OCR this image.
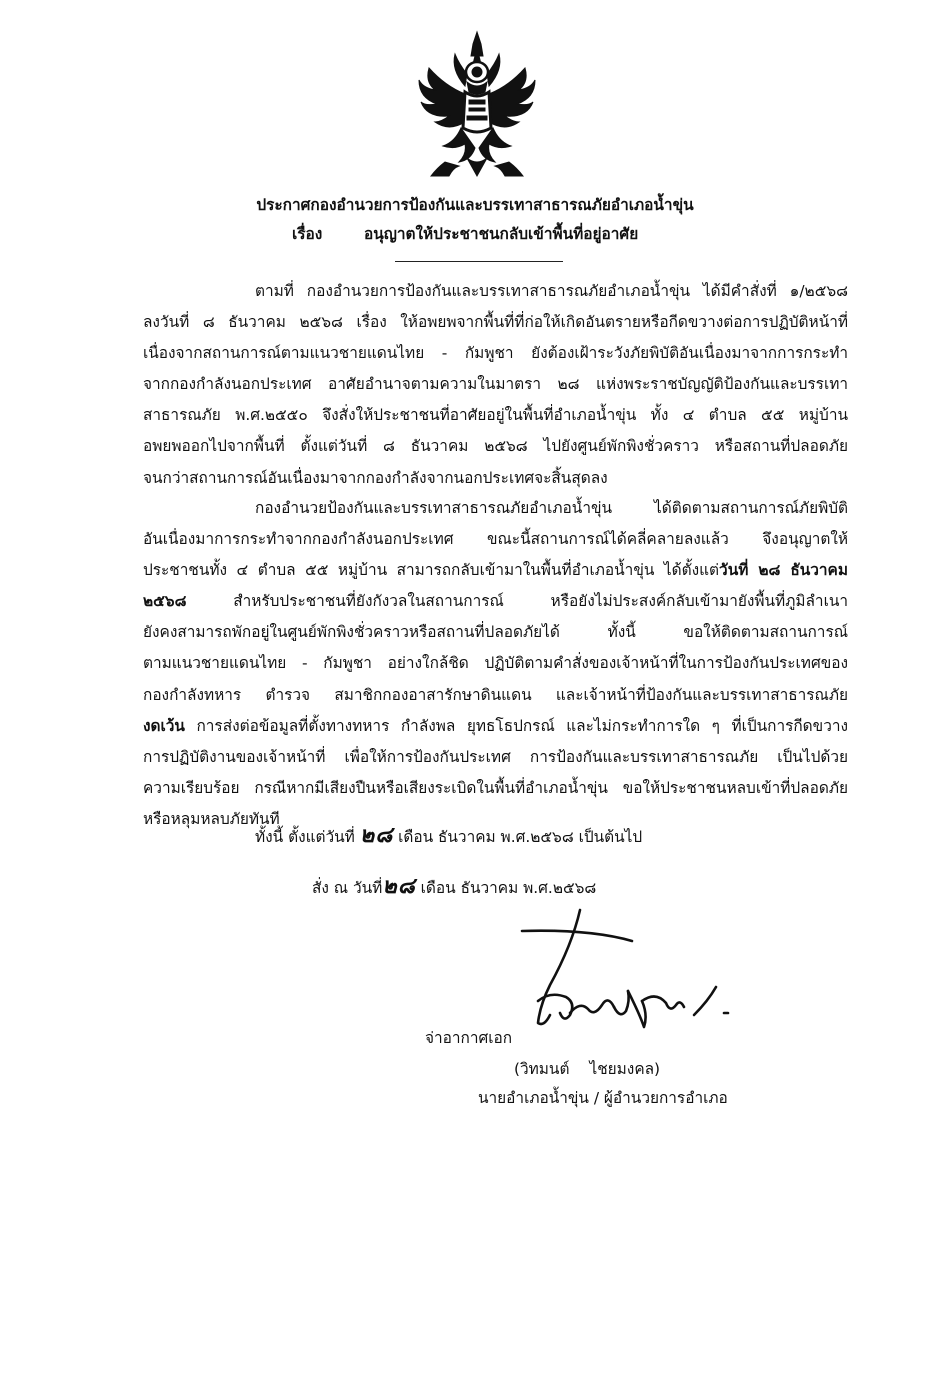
ประกาศกองอำนวยการป้องกันและบรรเทาสาธารณภัยอำเภอน้ำขุ่น
เรื่อง	อนุญาตให้ประชาชนกลับเข้าพื้นที่อยู่อาศัย
ตามที่ กองอำนวยการป้องกันและบรรเทาสาธารณภัยอำเภอน้ำขุ่น ได้มีคำสั่งที่ ๑/๒๕๖๘
ลงวันที่ ๘ ธันวาคม ๒๕๖๘ เรื่อง ให้อพยพจากพื้นที่ที่ก่อให้เกิดอันตรายหรือกีดขวางต่อการปฏิบัติหน้าที่
เนื่องจากสถานการณ์ตามแนวชายแดนไทย - กัมพูชา ยังต้องเฝ้าระวังภัยพิบัติอันเนื่องมาจากการกระทำ
จากกองกำลังนอกประเทศ อาศัยอำนาจตามความในมาตรา ๒๘ แห่งพระราชบัญญัติป้องกันและบรรเทา
สาธารณภัย พ.ศ.๒๕๕๐ จึงสั่งให้ประชาชนที่อาศัยอยู่ในพื้นที่อำเภอน้ำขุ่น ทั้ง ๔ ตำบล ๕๕ หมู่บ้าน
อพยพออกไปจากพื้นที่ ตั้งแต่วันที่ ๘ ธันวาคม ๒๕๖๘ ไปยังศูนย์พักพิงชั่วคราว หรือสถานที่ปลอดภัย
จนกว่าสถานการณ์อันเนื่องมาจากกองกำลังจากนอกประเทศจะสิ้นสุดลง
กองอำนวยป้องกันและบรรเทาสาธารณภัยอำเภอน้ำขุ่น ได้ติดตามสถานการณ์ภัยพิบัติ
อันเนื่องมาการกระทำจากกองกำลังนอกประเทศ ขณะนี้สถานการณ์ได้คลี่คลายลงแล้ว จึงอนุญาตให้
ประชาชนทั้ง ๔ ตำบล ๕๕ หมู่บ้าน สามารถกลับเข้ามาในพื้นที่อำเภอน้ำขุ่น ได้ตั้งแต่วันที่ ๒๘ ธันวาคม
๒๕๖๘ สำหรับประชาชนที่ยังกังวลในสถานการณ์ หรือยังไม่ประสงค์กลับเข้ามายังพื้นที่ภูมิลำเนา
ยังคงสามารถพักอยู่ในศูนย์พักพิงชั่วคราวหรือสถานที่ปลอดภัยได้ ทั้งนี้ ขอให้ติดตามสถานการณ์
ตามแนวชายแดนไทย - กัมพูชา อย่างใกล้ชิด ปฏิบัติตามคำสั่งของเจ้าหน้าที่ในการป้องกันประเทศของ
กองกำลังทหาร ตำรวจ สมาชิกกองอาสารักษาดินแดน และเจ้าหน้าที่ป้องกันและบรรเทาสาธารณภัย
งดเว้น การส่งต่อข้อมูลที่ตั้งทางทหาร กำลังพล ยุทธโธปกรณ์ และไม่กระทำการใด ๆ ที่เป็นการกีดขวาง
การปฏิบัติงานของเจ้าหน้าที่ เพื่อให้การป้องกันประเทศ การป้องกันและบรรเทาสาธารณภัย เป็นไปด้วย
ความเรียบร้อย กรณีหากมีเสียงปืนหรือเสียงระเบิดในพื้นที่อำเภอน้ำขุ่น ขอให้ประชาชนหลบเข้าที่ปลอดภัย
หรือหลุมหลบภัยทันที
ทั้งนี้ ตั้งแต่วันที่ ๒๘ เดือน ธันวาคม พ.ศ.๒๕๖๘ เป็นต้นไป
สั่ง ณ วันที่๒๘ เดือน ธันวาคม พ.ศ.๒๕๖๘
จ่าอากาศเอก
(วิทมนต์ ไชยมงคล)
นายอำเภอน้ำขุ่น / ผู้อำนวยการอำเภอ
